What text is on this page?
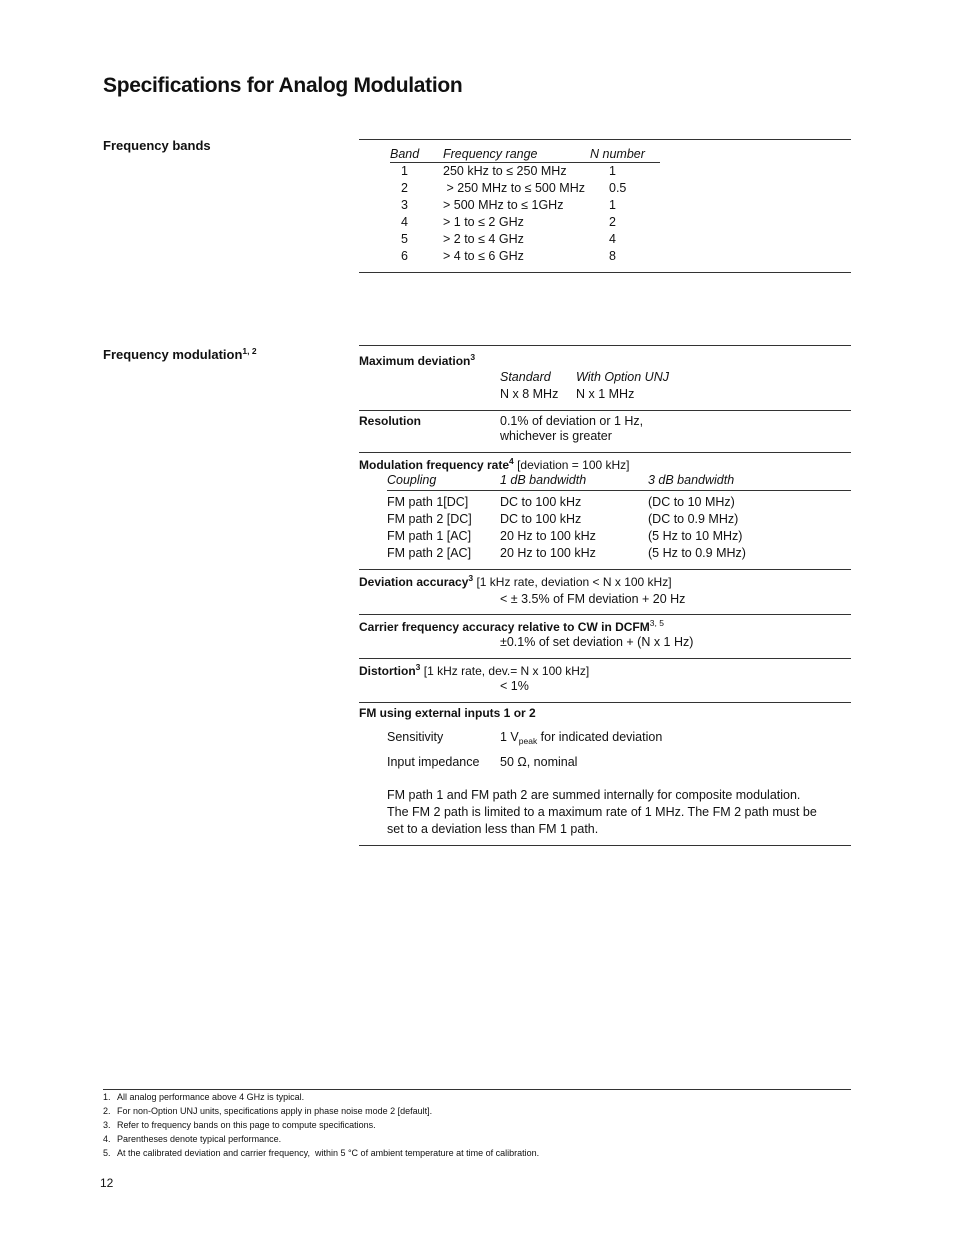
Specifications for Analog Modulation
Frequency bands
Band Frequency range	N number
1	250 kHz to ≤ 250 MHz	1
2	> 250 MHz to ≤ 500 MHz 0.5
3	> 500 MHz to ≤ 1GHz	1
4	> 1 to ≤ 2 GHz	2
5	> 2 to ≤ 4 GHz	4
6	> 4 to ≤ 6 GHz	8
Frequency modulation$^{1, 2}$
Maximum deviation$^3$
Standard With Option UNJ
N x 8 MHz N x 1 MHz
Resolution	0.1% of deviation or 1 Hz,
whichever is greater
Modulation frequency rate$^4$ [deviation = 100 kHz]
Coupling	1 dB bandwidth	3 dB bandwidth
FM path 1[DC]	DC to 100 kHz	(DC to 10 MHz)
FM path 2 [DC] DC to 100 kHz	(DC to 0.9 MHz)
FM path 1 [AC] 20 Hz to 100 kHz	(5 Hz to 10 MHz)
FM path 2 [AC] 20 Hz to 100 kHz	(5 Hz to 0.9 MHz)
Deviation accuracy$^3$ [1 kHz rate, deviation < N x 100 kHz]
< ± 3.5% of FM deviation + 20 Hz
Carrier frequency accuracy relative to CW in DCFM$^{3, 5}$
±0.1% of set deviation + (N x 1 Hz)
Distortion$^3$ [1 kHz rate, dev.= N x 100 kHz]
< 1%
FM using external inputs 1 or 2
Sensitivity	1 $V_{peak}$ for indicated deviation
Input impedance 50 Ω, nominal
FM path 1 and FM path 2 are summed internally for composite modulation.
The FM 2 path is limited to a maximum rate of 1 MHz. The FM 2 path must be
set to a deviation less than FM 1 path.
1. All analog performance above 4 GHz is typical.
2. For non-Option UNJ units, specifications apply in phase noise mode 2 [default].
3. Refer to frequency bands on this page to compute specifications.
4. Parentheses denote typical performance.
5. At the calibrated deviation and carrier frequency,  within 5 °C of ambient temperature at time of calibration.
12
